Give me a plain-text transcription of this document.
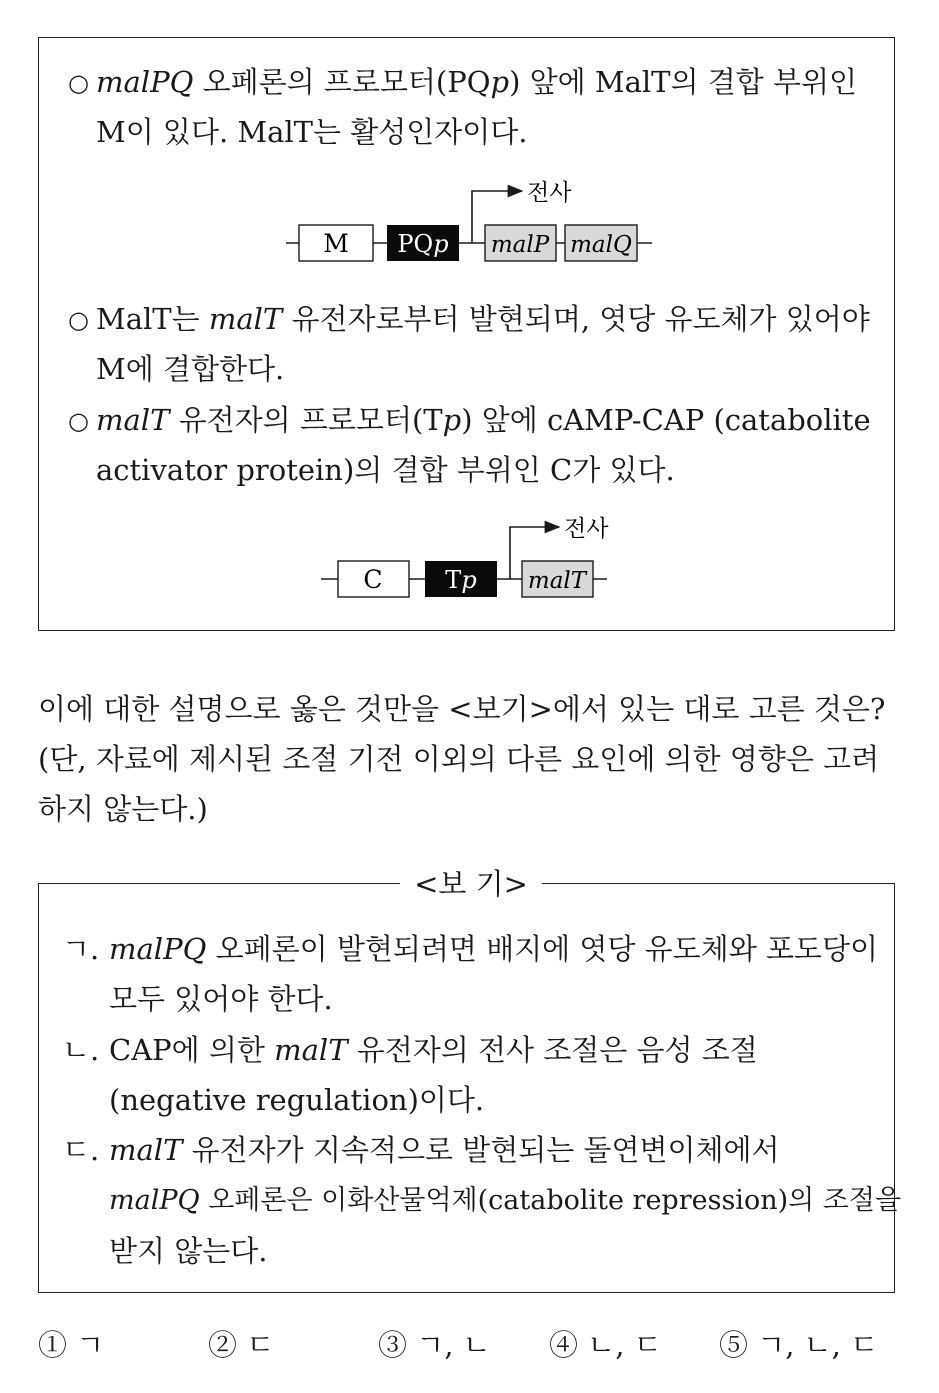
○ malPQ 오페론의 프로모터(PQp) 앞에 MalT의 결합 부위인
M이 있다. MalT는 활성인자이다.
M PQp malP malQ
전사
○ MalT는 malT 유전자로부터 발현되며, 엿당 유도체가 있어야
M에 결합한다.
○ malT 유전자의 프로모터(Tp) 앞에 cAMP-CAP (catabolite
activator protein)의 결합 부위인 C가 있다.
C	Tp malT
전사
이에 대한 설명으로 옳은 것만을 <보기>에서 있는 대로 고른 것은?
(단, 자료에 제시된 조절 기전 이외의 다른 요인에 의한 영향은 고려
하지 않는다.)
<보 기>
ㄱ. malPQ 오페론이 발현되려면 배지에 엿당 유도체와 포도당이
모두 있어야 한다.
ㄴ. CAP에 의한 malT 유전자의 전사 조절은 음성 조절
(negative regulation)이다.
ㄷ. malT 유전자가 지속적으로 발현되는 돌연변이체에서
malPQ 오페론은 이화산물억제(catabolite repression)의 조절을
받지 않는다.
① ㄱ	② ㄷ	③ ㄱ, ㄴ ④ ㄴ, ㄷ ⑤ ㄱ, ㄴ, ㄷ
